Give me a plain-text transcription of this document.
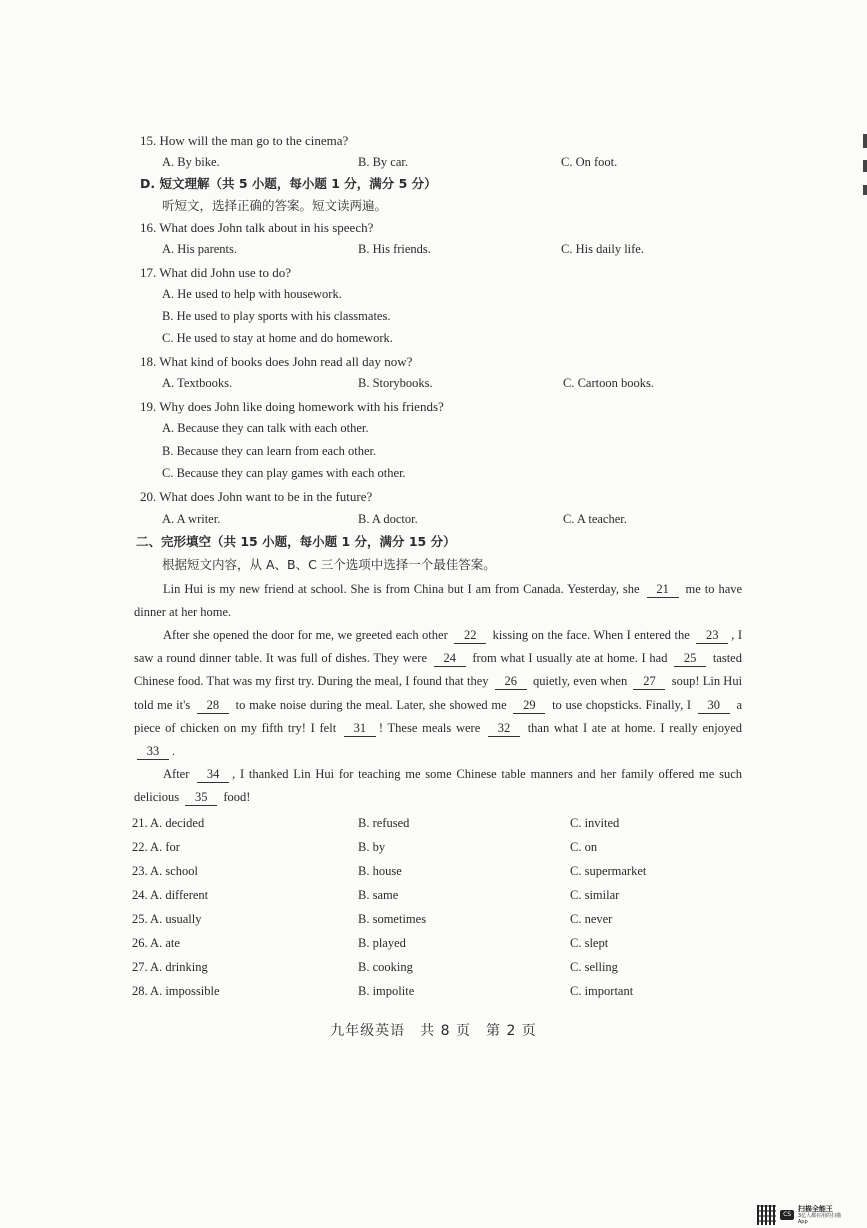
15. How will the man go to the cinema?
A. By bike.	B. By car.	C. On foot.
D. 短文理解（共 5 小题，每小题 1 分，满分 5 分）
听短文，选择正确的答案。短文读两遍。
16. What does John talk about in his speech?
A. His parents.	B. His friends.	C. His daily life.
17. What did John use to do?
A. He used to help with housework.
B. He used to play sports with his classmates.
C. He used to stay at home and do homework.
18. What kind of books does John read all day now?
A. Textbooks.	B. Storybooks.	C. Cartoon books.
19. Why does John like doing homework with his friends?
A. Because they can talk with each other.
B. Because they can learn from each other.
C. Because they can play games with each other.
20. What does John want to be in the future?
A. A writer.	B. A doctor.	C. A teacher.
二、完形填空（共 15 小题，每小题 1 分，满分 15 分）
根据短文内容，从 A、B、C 三个选项中选择一个最佳答案。
Lin Hui is my new friend at school. She is from China but I am from Canada. Yesterday, she 21 me to have dinner at her home.
After she opened the door for me, we greeted each other 22 kissing on the face. When I entered the 23 , I saw a round dinner table. It was full of dishes. They were 24 from what I usually ate at home. I had 25 tasted Chinese food. That was my first try. During the meal, I found that they 26 quietly, even when 27 soup! Lin Hui told me it's 28 to make noise during the meal. Later, she showed me 29 to use chopsticks. Finally, I 30 a piece of chicken on my fifth try! I felt 31 ! These meals were 32 than what I ate at home. I really enjoyed 33 .
After 34 , I thanked Lin Hui for teaching me some Chinese table manners and her family offered me such delicious 35 food!
21. A. decided	B. refused	C. invited
22. A. for	B. by	C. on
23. A. school	B. house	C. supermarket
24. A. different	B. same	C. similar
25. A. usually	B. sometimes	C. never
26. A. ate	B. played	C. slept
27. A. drinking	B. cooking	C. selling
28. A. impossible	B. impolite	C. important
九年级英语　共 8 页　第 2 页
CS
扫描全能王
3亿人都在用的扫描App
